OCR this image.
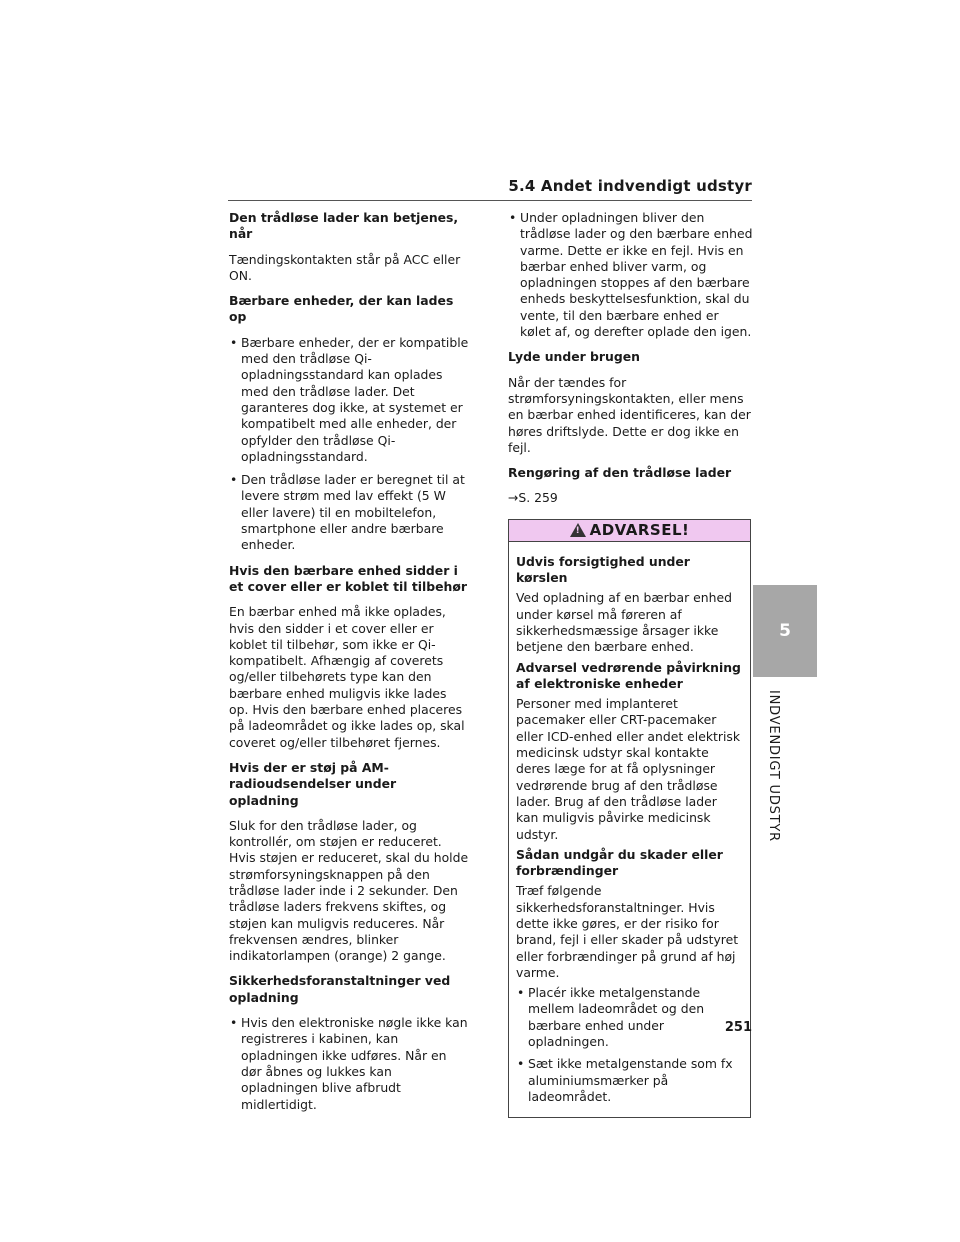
5.4 Andet indvendigt udstyr
Den trådløse lader kan betjenes, når

Tændingskontakten står på ACC eller ON.

Bærbare enheder, der kan lades op
• Bærbare enheder, der er kompatible med den trådløse Qi-opladningsstandard kan oplades med den trådløse lader. Det garanteres dog ikke, at systemet er kompatibelt med alle enheder, der opfylder den trådløse Qi-opladningsstandard.
• Den trådløse lader er beregnet til at levere strøm med lav effekt (5 W eller lavere) til en mobiltelefon, smartphone eller andre bærbare enheder.
Hvis den bærbare enhed sidder i et cover eller er koblet til tilbehør

En bærbar enhed må ikke oplades, hvis den sidder i et cover eller er koblet til tilbehør, som ikke er Qi-kompatibelt. Afhængig af coverets og/eller tilbehørets type kan den bærbare enhed muligvis ikke lades op. Hvis den bærbare enhed placeres på ladeområdet og ikke lades op, skal coveret og/eller tilbehøret fjernes.

Hvis der er støj på AM-radioudsendelser under opladning

Sluk for den trådløse lader, og kontrollér, om støjen er reduceret. Hvis støjen er reduceret, skal du holde strømforsyningsknappen på den trådløse lader inde i 2 sekunder. Den trådløse laders frekvens skiftes, og støjen kan muligvis reduceres. Når frekvensen ændres, blinker indikatorlampen (orange) 2 gange.

Sikkerhedsforanstaltninger ved opladning
• Hvis den elektroniske nøgle ikke kan registreres i kabinen, kan opladningen ikke udføres. Når en dør åbnes og lukkes kan opladningen blive afbrudt midlertidigt.
• Under opladningen bliver den trådløse lader og den bærbare enhed varme. Dette er ikke en fejl. Hvis en bærbar enhed bliver varm, og opladningen stoppes af den bærbare enheds beskyttelsesfunktion, skal du vente, til den bærbare enhed er kølet af, og derefter oplade den igen.
Lyde under brugen

Når der tændes for strømforsyningskontakten, eller mens en bærbar enhed identificeres, kan der høres driftslyde. Dette er dog ikke en fejl.

Rengøring af den trådløse lader

→S. 259

! ADVARSEL!
Udvis forsigtighed under kørslen

Ved opladning af en bærbar enhed under kørsel må føreren af sikkerhedsmæssige årsager ikke betjene den bærbare enhed.

Advarsel vedrørende påvirkning af elektroniske enheder

Personer med implanteret pacemaker eller CRT-pacemaker eller ICD-enhed eller andet elektrisk medicinsk udstyr skal kontakte deres læge for at få oplysninger vedrørende brug af den trådløse lader. Brug af den trådløse lader kan muligvis påvirke medicinsk udstyr.

Sådan undgår du skader eller forbrændinger

Træf følgende sikkerhedsforanstaltninger. Hvis dette ikke gøres, er der risiko for brand, fejl i eller skader på udstyret eller forbrændinger på grund af høj varme.

• Placér ikke metalgenstande mellem ladeområdet og den bærbare enhed under opladningen.
• Sæt ikke metalgenstande som fx aluminiumsmærker på ladeområdet.
5
INDVENDIGT UDSTYR
251
